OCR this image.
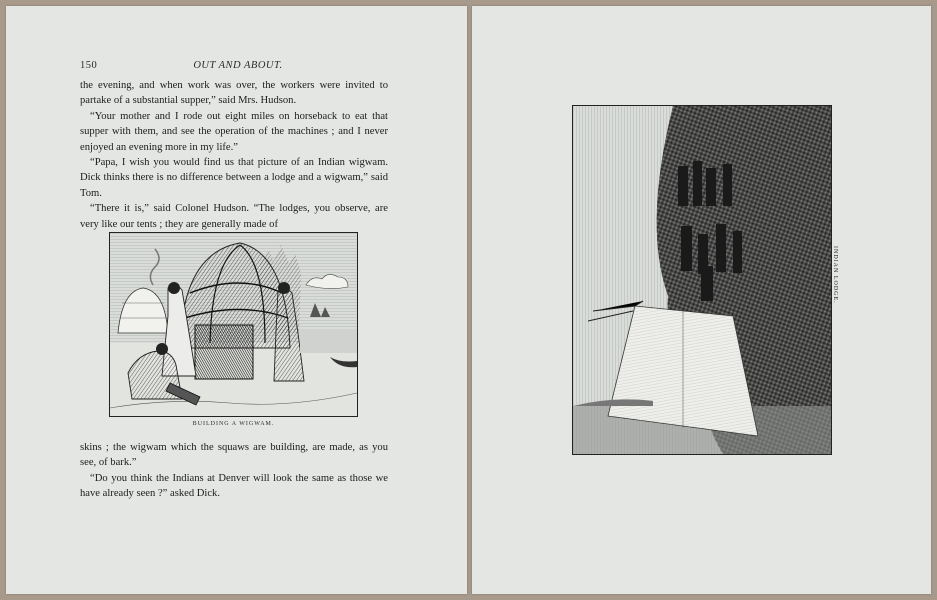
150	OUT AND ABOUT.

the evening, and when work was over, the workers were invited to partake of a substantial supper,” said Mrs. Hudson.

“Your mother and I rode out eight miles on horseback to eat that supper with them, and see the operation of the machines ; and I never enjoyed an evening more in my life.”

“Papa, I wish you would find us that picture of an Indian wigwam. Dick thinks there is no difference between a lodge and a wigwam,” said Tom.

“There it is,” said Colonel Hudson. “The lodges, you observe, are very like our tents ; they are generally made of

BUILDING A WIGWAM.

skins ; the wigwam which the squaws are building, are made, as you see, of bark.”

“Do you think the Indians at Denver will look the same as those we have already seen ?” asked Dick.

INDIAN LODGE.
